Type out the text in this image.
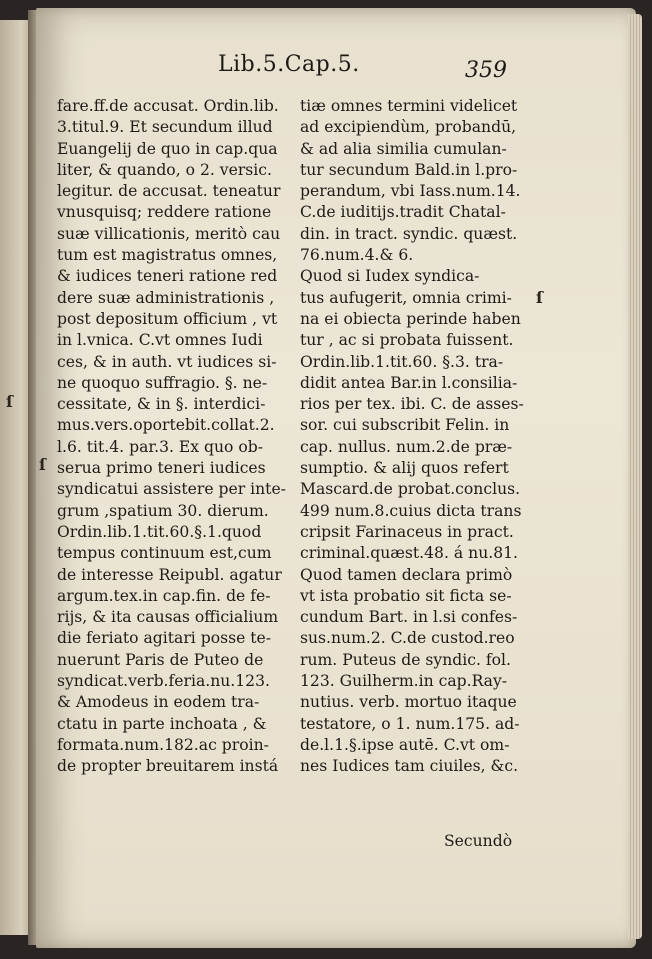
Lib.5.Cap.5.	359
fare.ff.de accusat. Ordin.lib.
3.titul.9. Et secundum illud
Euangelij de quo in cap.qua
liter, & quando, o 2. versic.
legitur. de accusat. teneatur
vnusquisq; reddere ratione
suæ villicationis, meritò cau
tum est magistratus omnes,
& iudices teneri ratione red
dere suæ administrationis ,
post depositum officium , vt
in l.vnica. C.vt omnes Iudi
ces, & in auth. vt iudices si-
ne quoquo suffragio. §. ne-
cessitate, & in §. interdici-
mus.vers.oportebit.collat.2.
l.6. tit.4. par.3. Ex quo ob-
serua primo teneri iudices
syndicatui assistere per inte-
grum ,spatium 30. dierum.
Ordin.lib.1.tit.60.§.1.quod
tempus continuum est,cum
de interesse Reipubl. agatur
argum.tex.in cap.fin. de fe-
rijs, & ita causas officialium
die feriato agitari posse te-
nuerunt Paris de Puteo de
syndicat.verb.feria.nu.123.
& Amodeus in eodem tra-
ctatu in parte inchoata , &
formata.num.182.ac proin-
de propter breuitarem instá
tiæ omnes termini videlicet
ad excipiendùm, probandū,
& ad alia similia cumulan-
tur secundum Bald.in l.pro-
perandum, vbi Iass.num.14.
C.de iuditijs.tradit Chatal-
din. in tract. syndic. quæst.
76.num.4.& 6.
Quod si Iudex syndica-
tus aufugerit, omnia crimi-
na ei obiecta perinde haben
tur , ac si probata fuissent.
Ordin.lib.1.tit.60. §.3. tra-
didit antea Bar.in l.consilia-
rios per tex. ibi. C. de asses-
sor. cui subscribit Felin. in
cap. nullus. num.2.de præ-
sumptio. & alij quos refert
Mascard.de probat.conclus.
499 num.8.cuius dicta trans
cripsit Farinaceus in pract.
criminal.quæst.48. á nu.81.
Quod tamen declara primò
vt ista probatio sit ficta se-
cundum Bart. in l.si confes-
sus.num.2. C.de custod.reo
rum. Puteus de syndic. fol.
123. Guilherm.in cap.Ray-
nutius. verb. mortuo itaque
testatore, o 1. num.175. ad-
de.l.1.§.ipse autē. C.vt om-
nes Iudices tam ciuiles, &c.
Secundò
ſ
ſ
ſ
